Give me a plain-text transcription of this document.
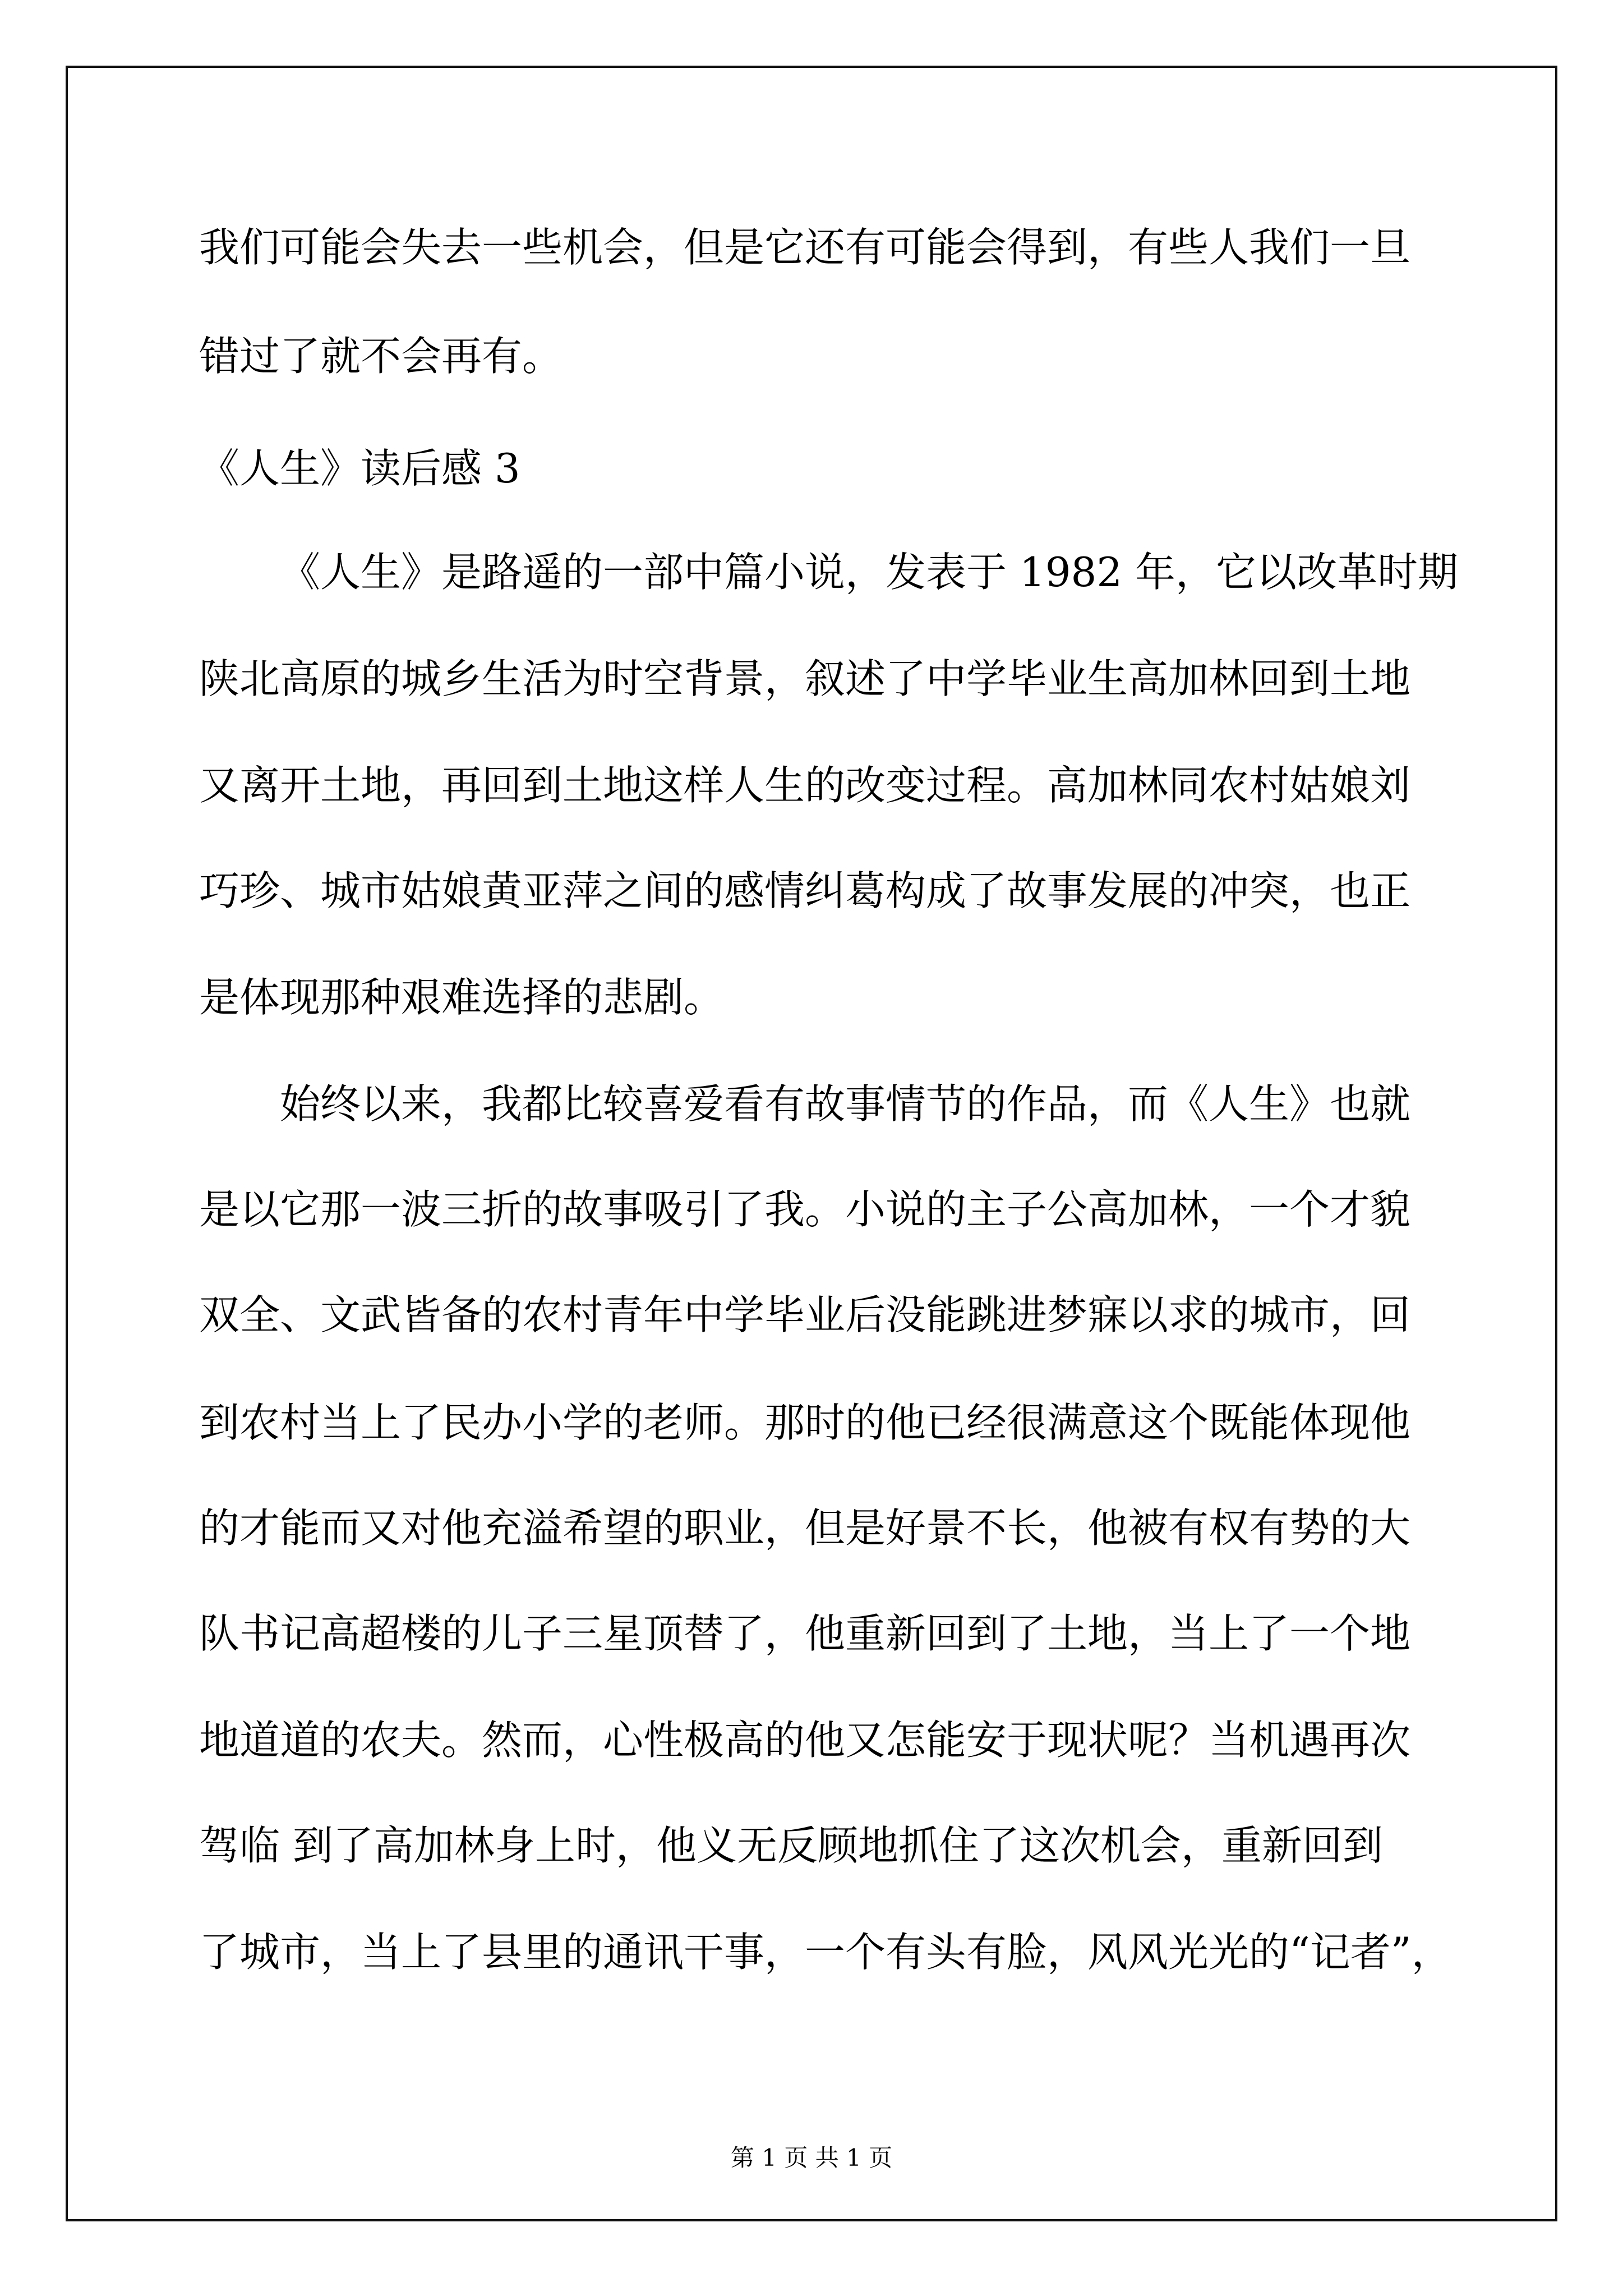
我们可能会失去一些机会，但是它还有可能会得到，有些人我们一旦
错过了就不会再有。
《人生》读后感 3
《人生》是路遥的一部中篇小说，发表于 1982 年，它以改革时期
陕北高原的城乡生活为时空背景，叙述了中学毕业生高加林回到土地
又离开土地，再回到土地这样人生的改变过程。高加林同农村姑娘刘
巧珍、城市姑娘黄亚萍之间的感情纠葛构成了故事发展的冲突，也正
是体现那种艰难选择的悲剧。
始终以来，我都比较喜爱看有故事情节的作品，而《人生》也就
是以它那一波三折的故事吸引了我。小说的主子公高加林，一个才貌
双全、文武皆备的农村青年中学毕业后没能跳进梦寐以求的城市，回
到农村当上了民办小学的老师。那时的他已经很满意这个既能体现他
的才能而又对他充溢希望的职业，但是好景不长，他被有权有势的大
队书记高超楼的儿子三星顶替了，他重新回到了土地，当上了一个地
地道道的农夫。然而，心性极高的他又怎能安于现状呢？当机遇再次
驾临 到了高加林身上时，他义无反顾地抓住了这次机会，重新回到
了城市，当上了县里的通讯干事，一个有头有脸，风风光光的“记者”，
第 1 页 共 1 页
